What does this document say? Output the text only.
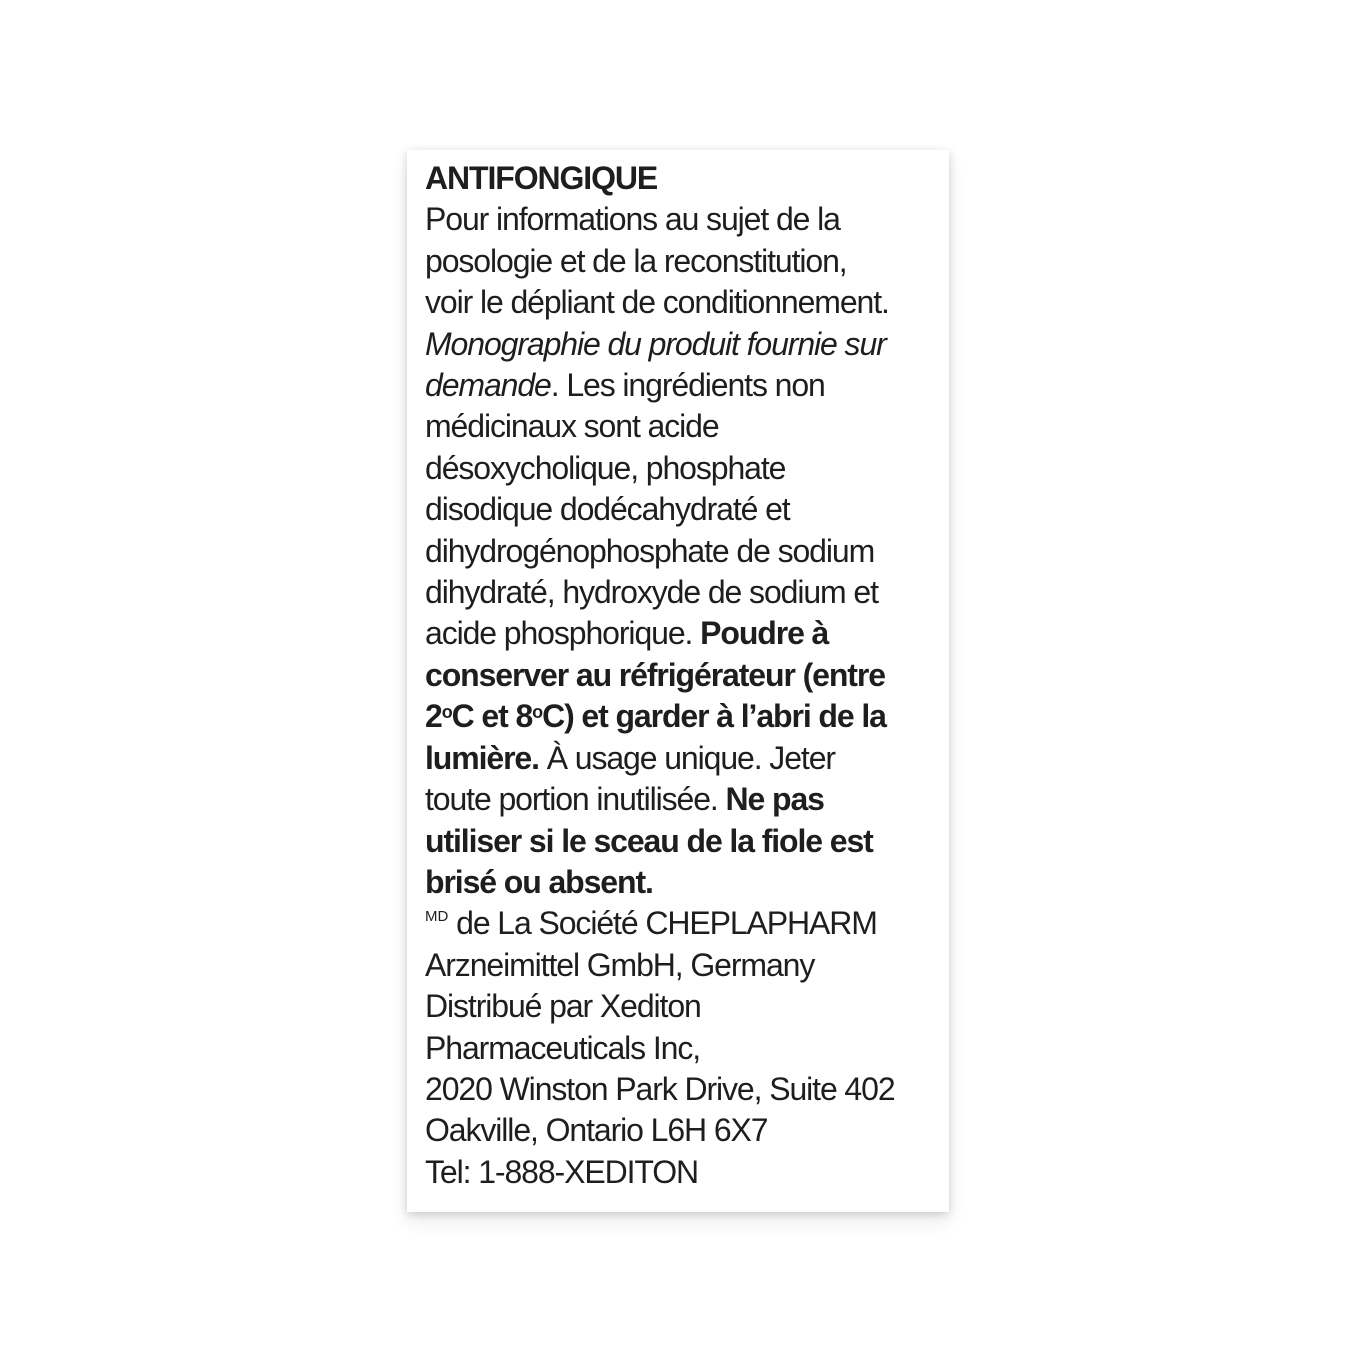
ANTIFONGIQUE
Pour informations au sujet de la
posologie et de la reconstitution,
voir le dépliant de conditionnement.
Monographie du produit fournie sur
demande. Les ingrédients non
médicinaux sont acide
désoxycholique, phosphate
disodique dodécahydraté et
dihydrogénophosphate de sodium
dihydraté, hydroxyde de sodium et
acide phosphorique. Poudre à
conserver au réfrigérateur (entre
2$^o$C et 8$^o$C) et garder à l’abri de la
lumière. À usage unique. Jeter
toute portion inutilisée. Ne pas
utiliser si le sceau de la fiole est
brisé ou absent.
$^{MD}$ de La Société CHEPLAPHARM
Arzneimittel GmbH, Germany
Distribué par Xediton
Pharmaceuticals Inc,
2020 Winston Park Drive, Suite 402
Oakville, Ontario L6H 6X7
Tel: 1-888-XEDITON
